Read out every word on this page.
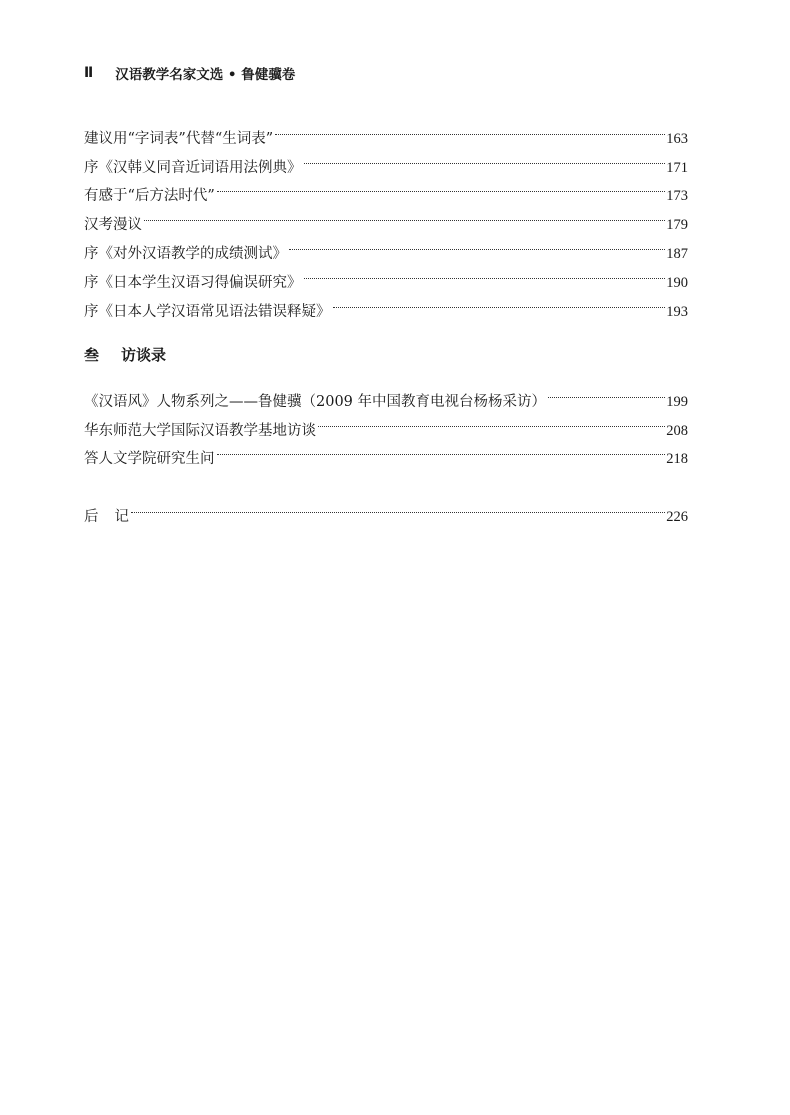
Ⅱ 汉语教学名家文选 • 鲁健骥卷
建议用“字词表”代替“生词表”	163
序《汉韩义同音近词语用法例典》	171
有感于“后方法时代”	173
汉考漫议	179
序《对外汉语教学的成绩测试》	187
序《日本学生汉语习得偏误研究》	190
序《日本人学汉语常见语法错误释疑》	193
叁 访谈录
《汉语风》人物系列之——鲁健骥（2009 年中国教育电视台杨杨采访）	199
华东师范大学国际汉语教学基地访谈	208
答人文学院研究生问	218
后 记	226
